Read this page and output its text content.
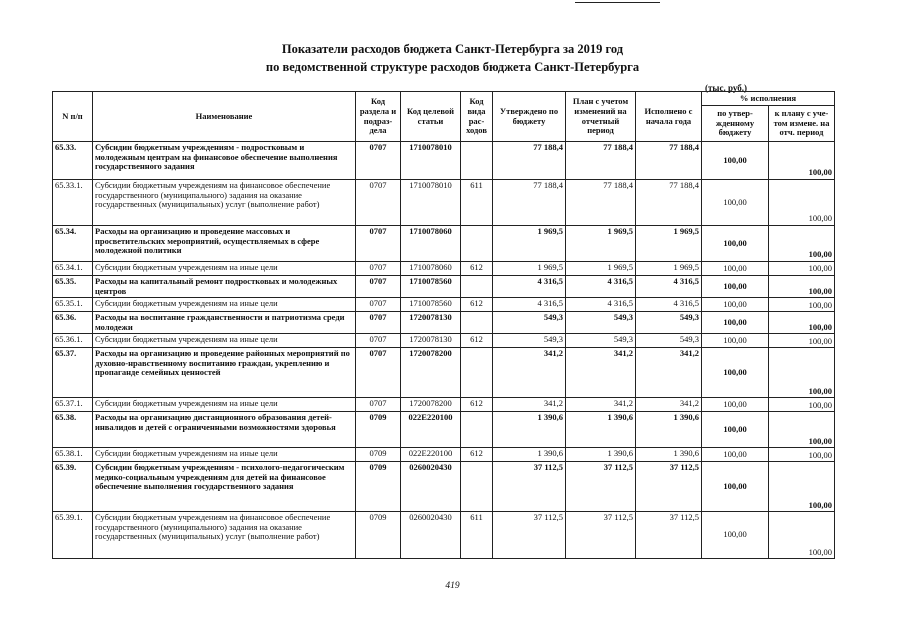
Показатели расходов бюджета Санкт-Петербурга за 2019 год
по ведомственной структуре расходов бюджета Санкт-Петербурга
(тыс. руб.)
N п/п	Наименование	Код раздела и подраз-дела	Код целевой статьи	Код вида рас-ходов	Утверждено по бюджету	План с учетом изменений на отчетный период	Исполнено с начала года	% исполнения	
								по утвер-жденному бюджету	к плану с уче-том измене. на отч. период
65.33.	Субсидии бюджетным учреждениям - подростковым и молодежным центрам на финансовое обеспечение выполнения государственного задания	0707	1710078010		77 188,4	77 188,4	77 188,4	100,00	100,00
65.33.1.	Субсидии бюджетным учреждениям на финансовое обеспечение государственного (муниципального) задания на оказание государственных (муниципальных) услуг (выполнение работ)	0707	1710078010	611	77 188,4	77 188,4	77 188,4	100,00	100,00
65.34.	Расходы на организацию и проведение массовых и просветительских мероприятий, осуществляемых в сфере молодежной политики	0707	1710078060		1 969,5	1 969,5	1 969,5	100,00	100,00
65.34.1.	Субсидии бюджетным учреждениям на иные цели	0707	1710078060	612	1 969,5	1 969,5	1 969,5	100,00	100,00
65.35.	Расходы на капитальный ремонт подростковых и молодежных центров	0707	1710078560		4 316,5	4 316,5	4 316,5	100,00	100,00
65.35.1.	Субсидии бюджетным учреждениям на иные цели	0707	1710078560	612	4 316,5	4 316,5	4 316,5	100,00	100,00
65.36.	Расходы на воспитание гражданственности и патриотизма среди молодежи	0707	1720078130		549,3	549,3	549,3	100,00	100,00
65.36.1.	Субсидии бюджетным учреждениям на иные цели	0707	1720078130	612	549,3	549,3	549,3	100,00	100,00
65.37.	Расходы на организацию и проведение районных мероприятий по духовно-нравственному воспитанию граждан, укреплению и пропаганде семейных ценностей	0707	1720078200		341,2	341,2	341,2	100,00	100,00
65.37.1.	Субсидии бюджетным учреждениям на иные цели	0707	1720078200	612	341,2	341,2	341,2	100,00	100,00
65.38.	Расходы на организацию дистанционного образования детей-инвалидов и детей с ограниченными возможностями здоровья	0709	022Е220100		1 390,6	1 390,6	1 390,6	100,00	100,00
65.38.1.	Субсидии бюджетным учреждениям на иные цели	0709	022Е220100	612	1 390,6	1 390,6	1 390,6	100,00	100,00
65.39.	Субсидии бюджетным учреждениям - психолого-педагогическим медико-социальным учреждениям для детей на финансовое обеспечение выполнения государственного задания	0709	0260020430		37 112,5	37 112,5	37 112,5	100,00	100,00
65.39.1.	Субсидии бюджетным учреждениям на финансовое обеспечение государственного (муниципального) задания на оказание государственных (муниципальных) услуг (выполнение работ)	0709	0260020430	611	37 112,5	37 112,5	37 112,5	100,00	100,00
419
